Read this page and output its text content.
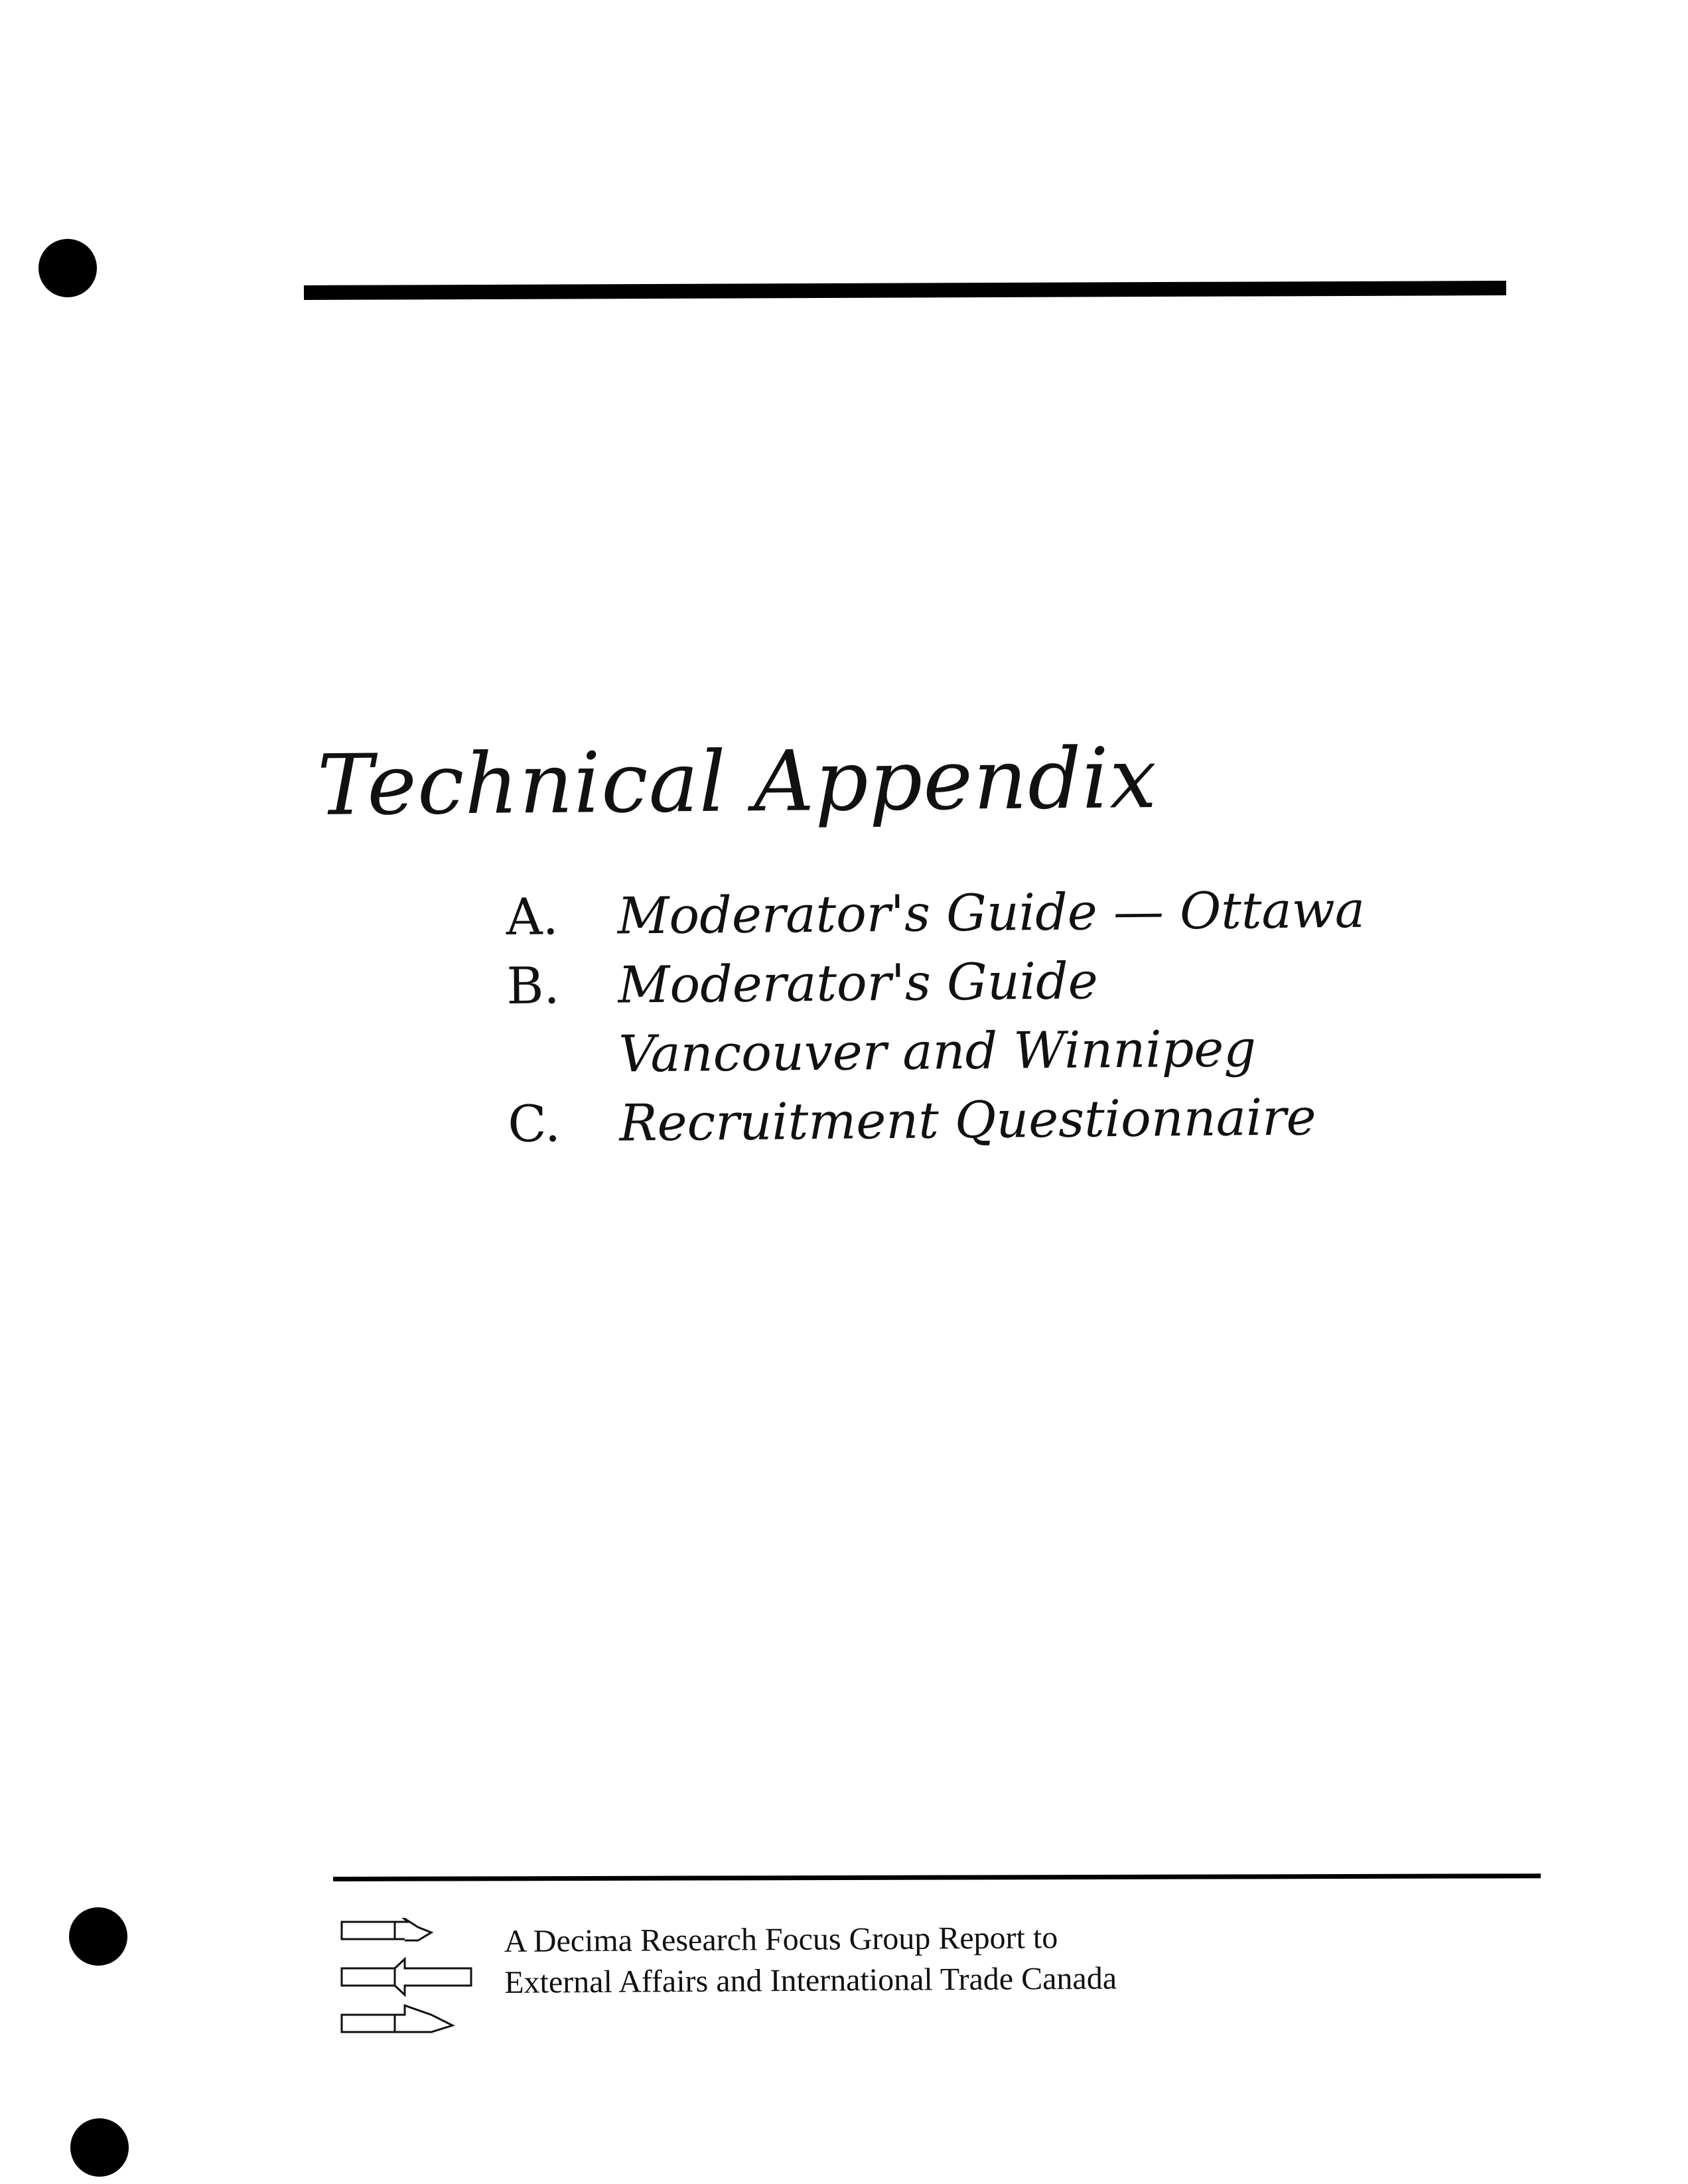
Technical Appendix
A.	Moderator's Guide — Ottawa
B.	Moderator's Guide
Vancouver and Winnipeg
C.	Recruitment Questionnaire
A Decima Research Focus Group Report to
External Affairs and International Trade Canada
